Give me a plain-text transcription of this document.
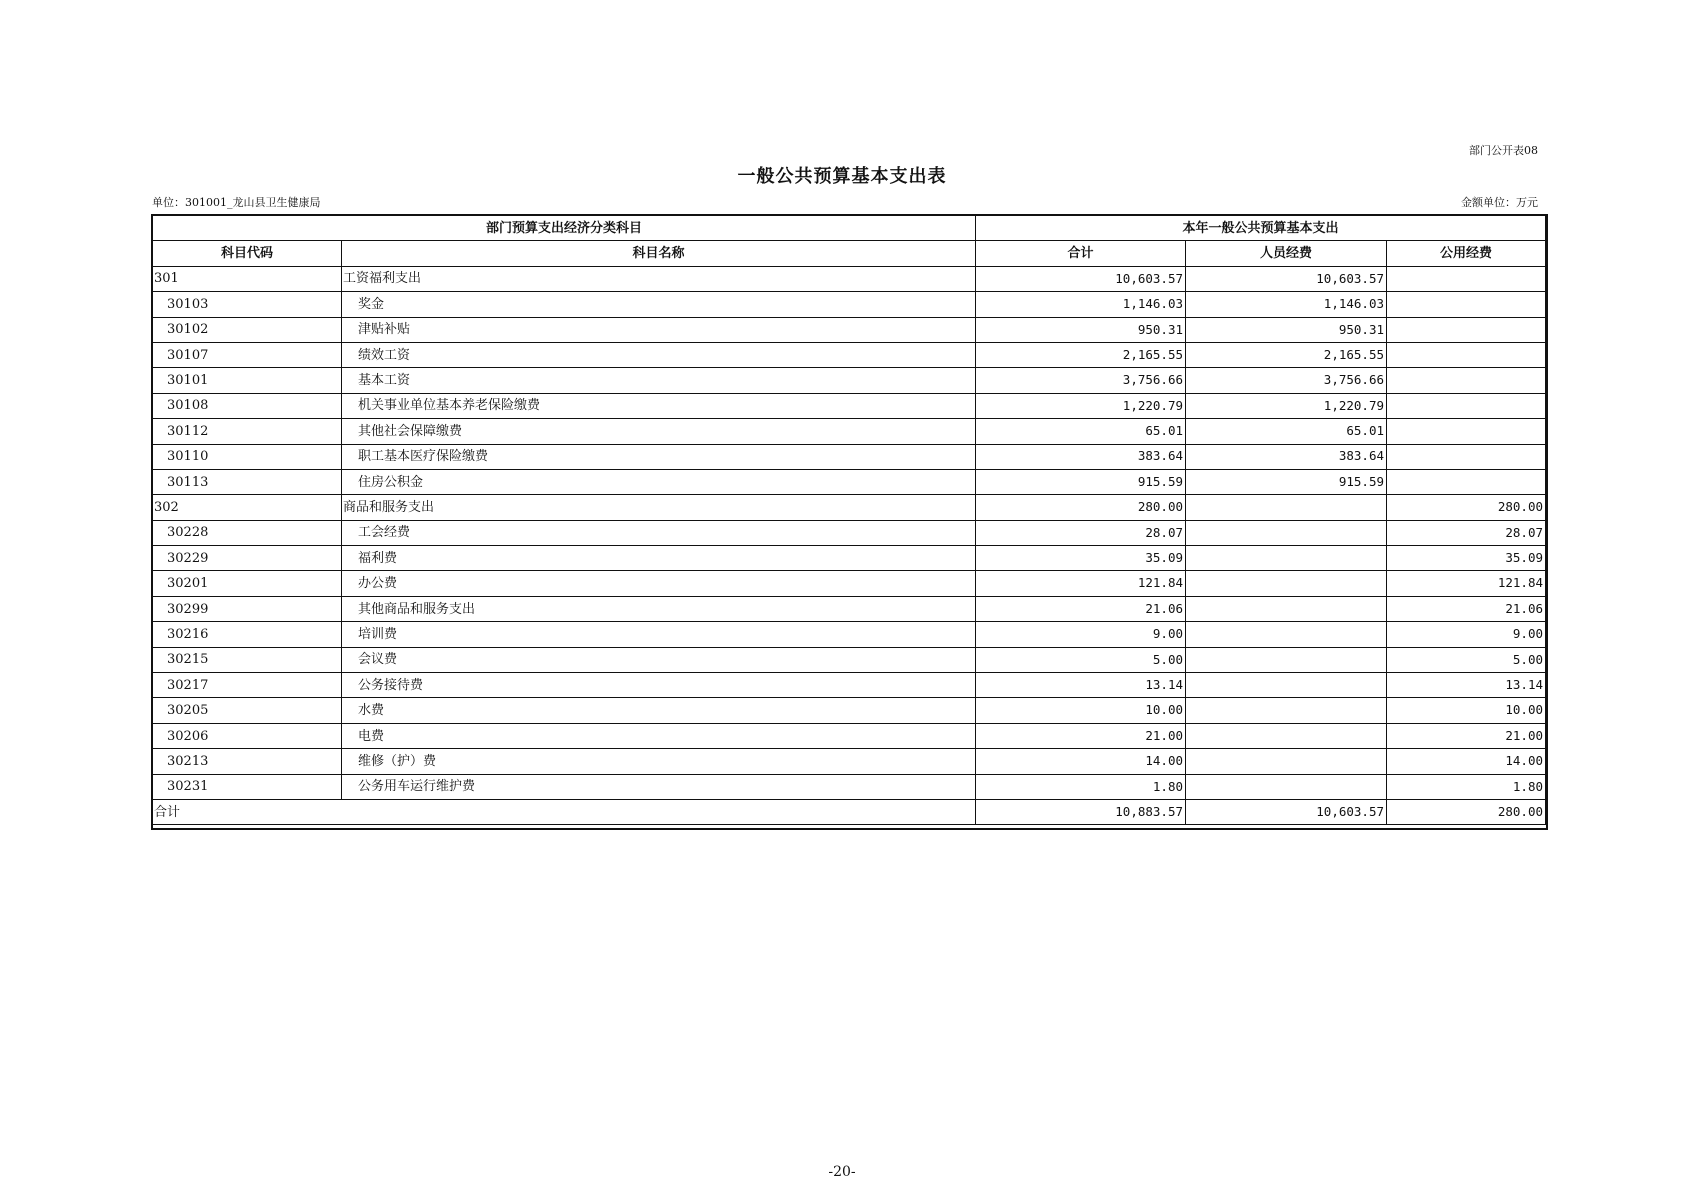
部门公开表08
一般公共预算基本支出表
单位：301001_龙山县卫生健康局	金额单位：万元
部门预算支出经济分类科目		本年一般公共预算基本支出		
科目代码	科目名称	合计	人员经费	公用经费
301	工资福利支出	10,603.57	10,603.57	
30103	奖金	1,146.03	1,146.03	
30102	津贴补贴	950.31	950.31	
30107	绩效工资	2,165.55	2,165.55	
30101	基本工资	3,756.66	3,756.66	
30108	机关事业单位基本养老保险缴费	1,220.79	1,220.79	
30112	其他社会保障缴费	65.01	65.01	
30110	职工基本医疗保险缴费	383.64	383.64	
30113	住房公积金	915.59	915.59	
302	商品和服务支出	280.00		280.00
30228	工会经费	28.07		28.07
30229	福利费	35.09		35.09
30201	办公费	121.84		121.84
30299	其他商品和服务支出	21.06		21.06
30216	培训费	9.00		9.00
30215	会议费	5.00		5.00
30217	公务接待费	13.14		13.14
30205	水费	10.00		10.00
30206	电费	21.00		21.00
30213	维修（护）费	14.00		14.00
30231	公务用车运行维护费	1.80		1.80
合计		10,883.57	10,603.57	280.00
-20-
